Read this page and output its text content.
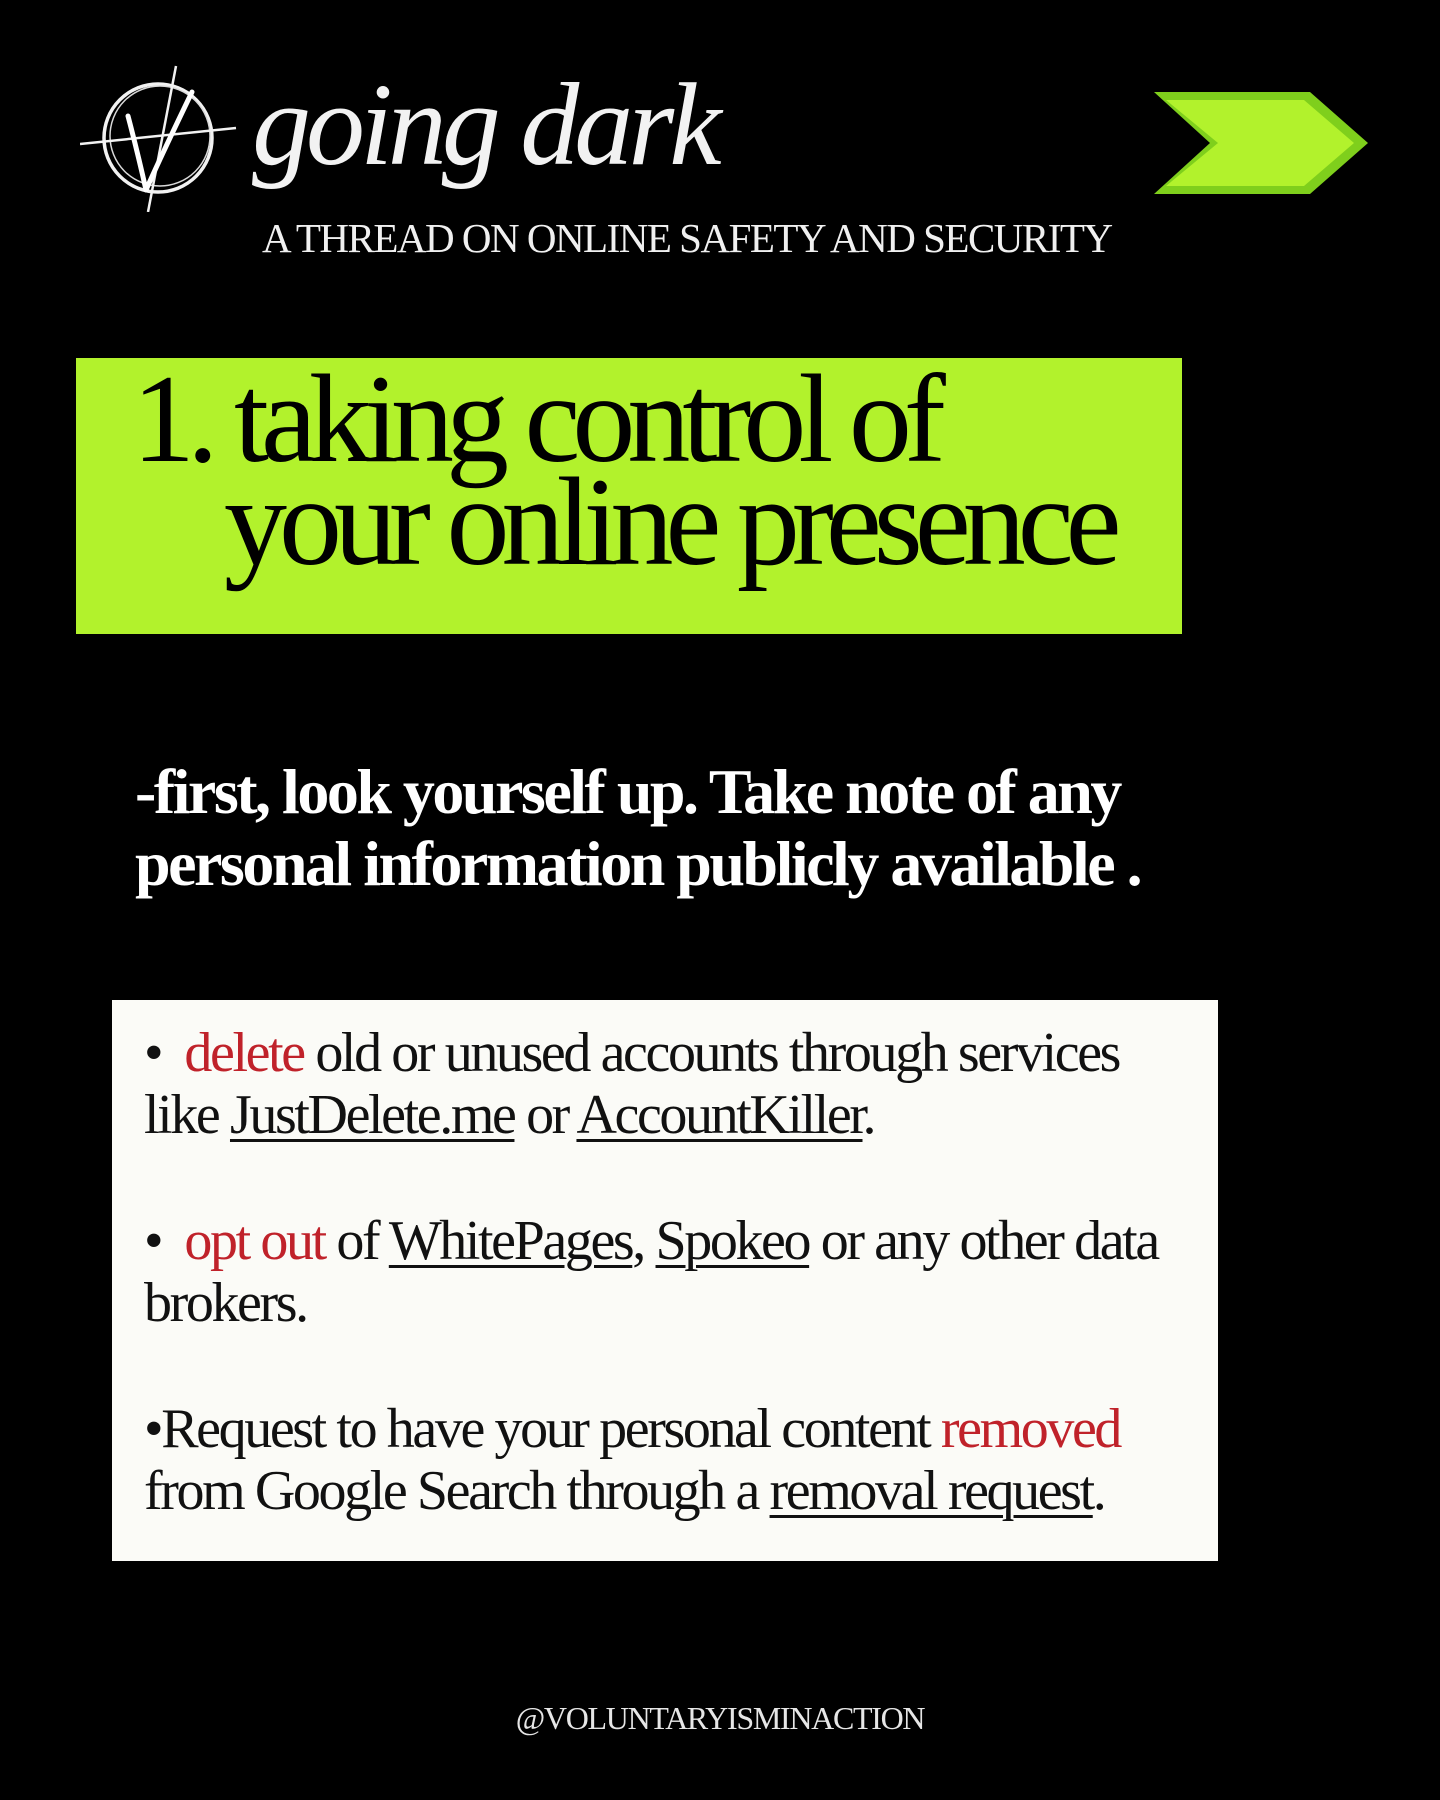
going dark
A THREAD ON ONLINE SAFETY AND SECURITY
1. taking control of
your online presence

-first, look yourself up. Take note of any personal information publicly available .

• delete old or unused accounts through services like JustDelete.me or AccountKiller.

• opt out of WhitePages, Spokeo or any other data brokers.

•Request to have your personal content removed from Google Search through a removal request.

@VOLUNTARYISMINACTION
